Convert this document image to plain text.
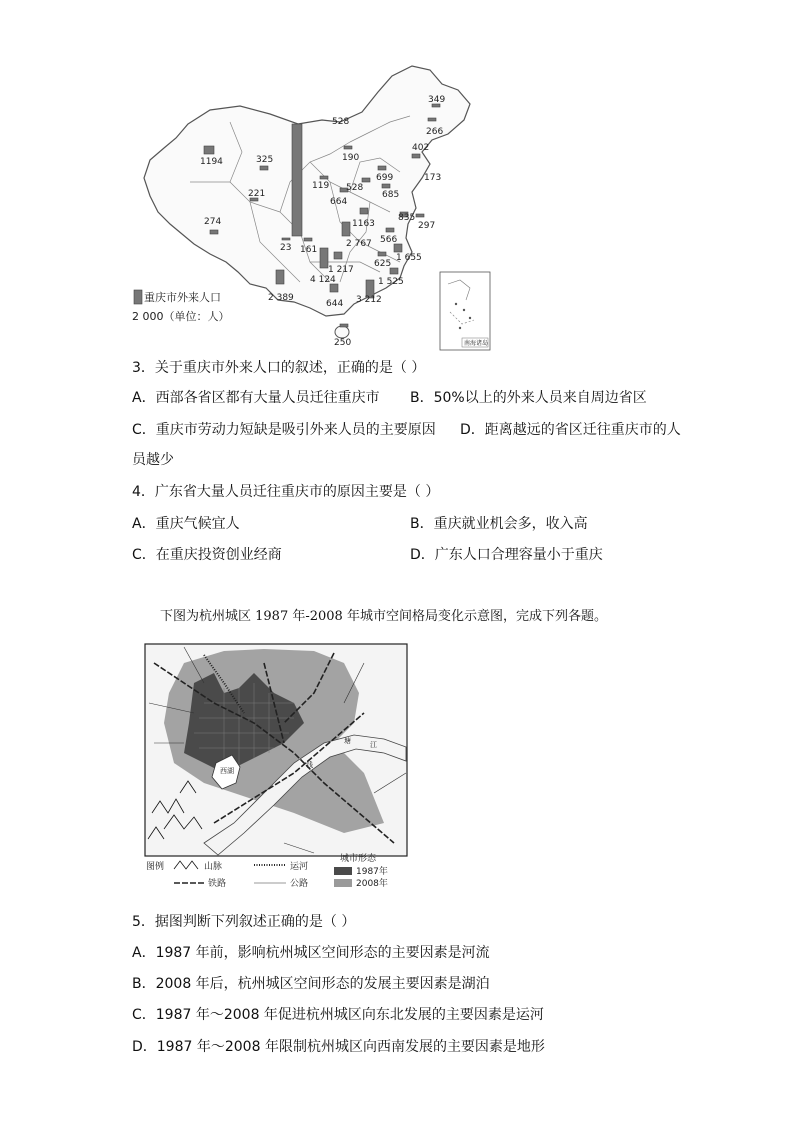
349
528
266
1194	325	190
402
173
119
699
221
528
685
664
274	835
297
1163
23 161
2 767 566
625
4 124
1 217
1 655
2 389
1 525
644 3 212
250
重庆市外来人口
2 000（单位：人）
南海诸岛
3．关于重庆市外来人口的叙述，正确的是（ ）
A．西部各省区都有大量人员迁往重庆市 B．50%以上的外来人员来自周边省区
C．重庆市劳动力短缺是吸引外来人员的主要原因 D．距离越远的省区迁往重庆市的人
员越少
4．广东省大量人员迁往重庆市的原因主要是（ ）
A．重庆气候宜人	B．重庆就业机会多，收入高
C．在重庆投资创业经商	D．广东人口合理容量小于重庆
下图为杭州城区 1987 年-2008 年城市空间格局变化示意图，完成下列各题。
西湖
钱
塘	江
图例	山脉	运河
铁路	公路
城市形态
1987年
2008年
5．据图判断下列叙述正确的是（ ）
A．1987 年前，影响杭州城区空间形态的主要因素是河流
B．2008 年后，杭州城区空间形态的发展主要因素是湖泊
C．1987 年～2008 年促进杭州城区向东北发展的主要因素是运河
D．1987 年～2008 年限制杭州城区向西南发展的主要因素是地形
